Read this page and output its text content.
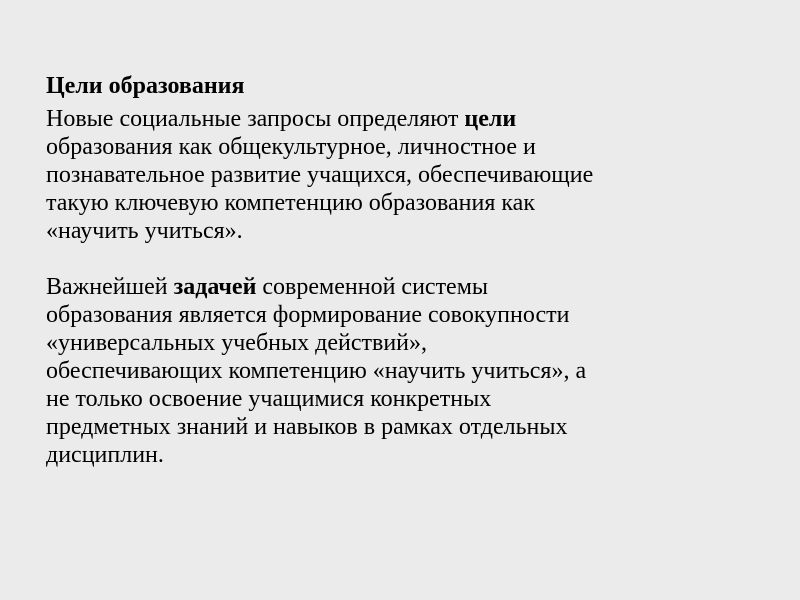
Цели образования

Новые социальные запросы определяют цели
образования как общекультурное, личностное и
познавательное развитие учащихся, обеспечивающие
такую ключевую компетенцию образования как
«научить учиться».

Важнейшей задачей современной системы
образования является формирование совокупности
«универсальных учебных действий»,
обеспечивающих компетенцию «научить учиться», а
не только освоение учащимися конкретных
предметных знаний и навыков в рамках отдельных
дисциплин.
